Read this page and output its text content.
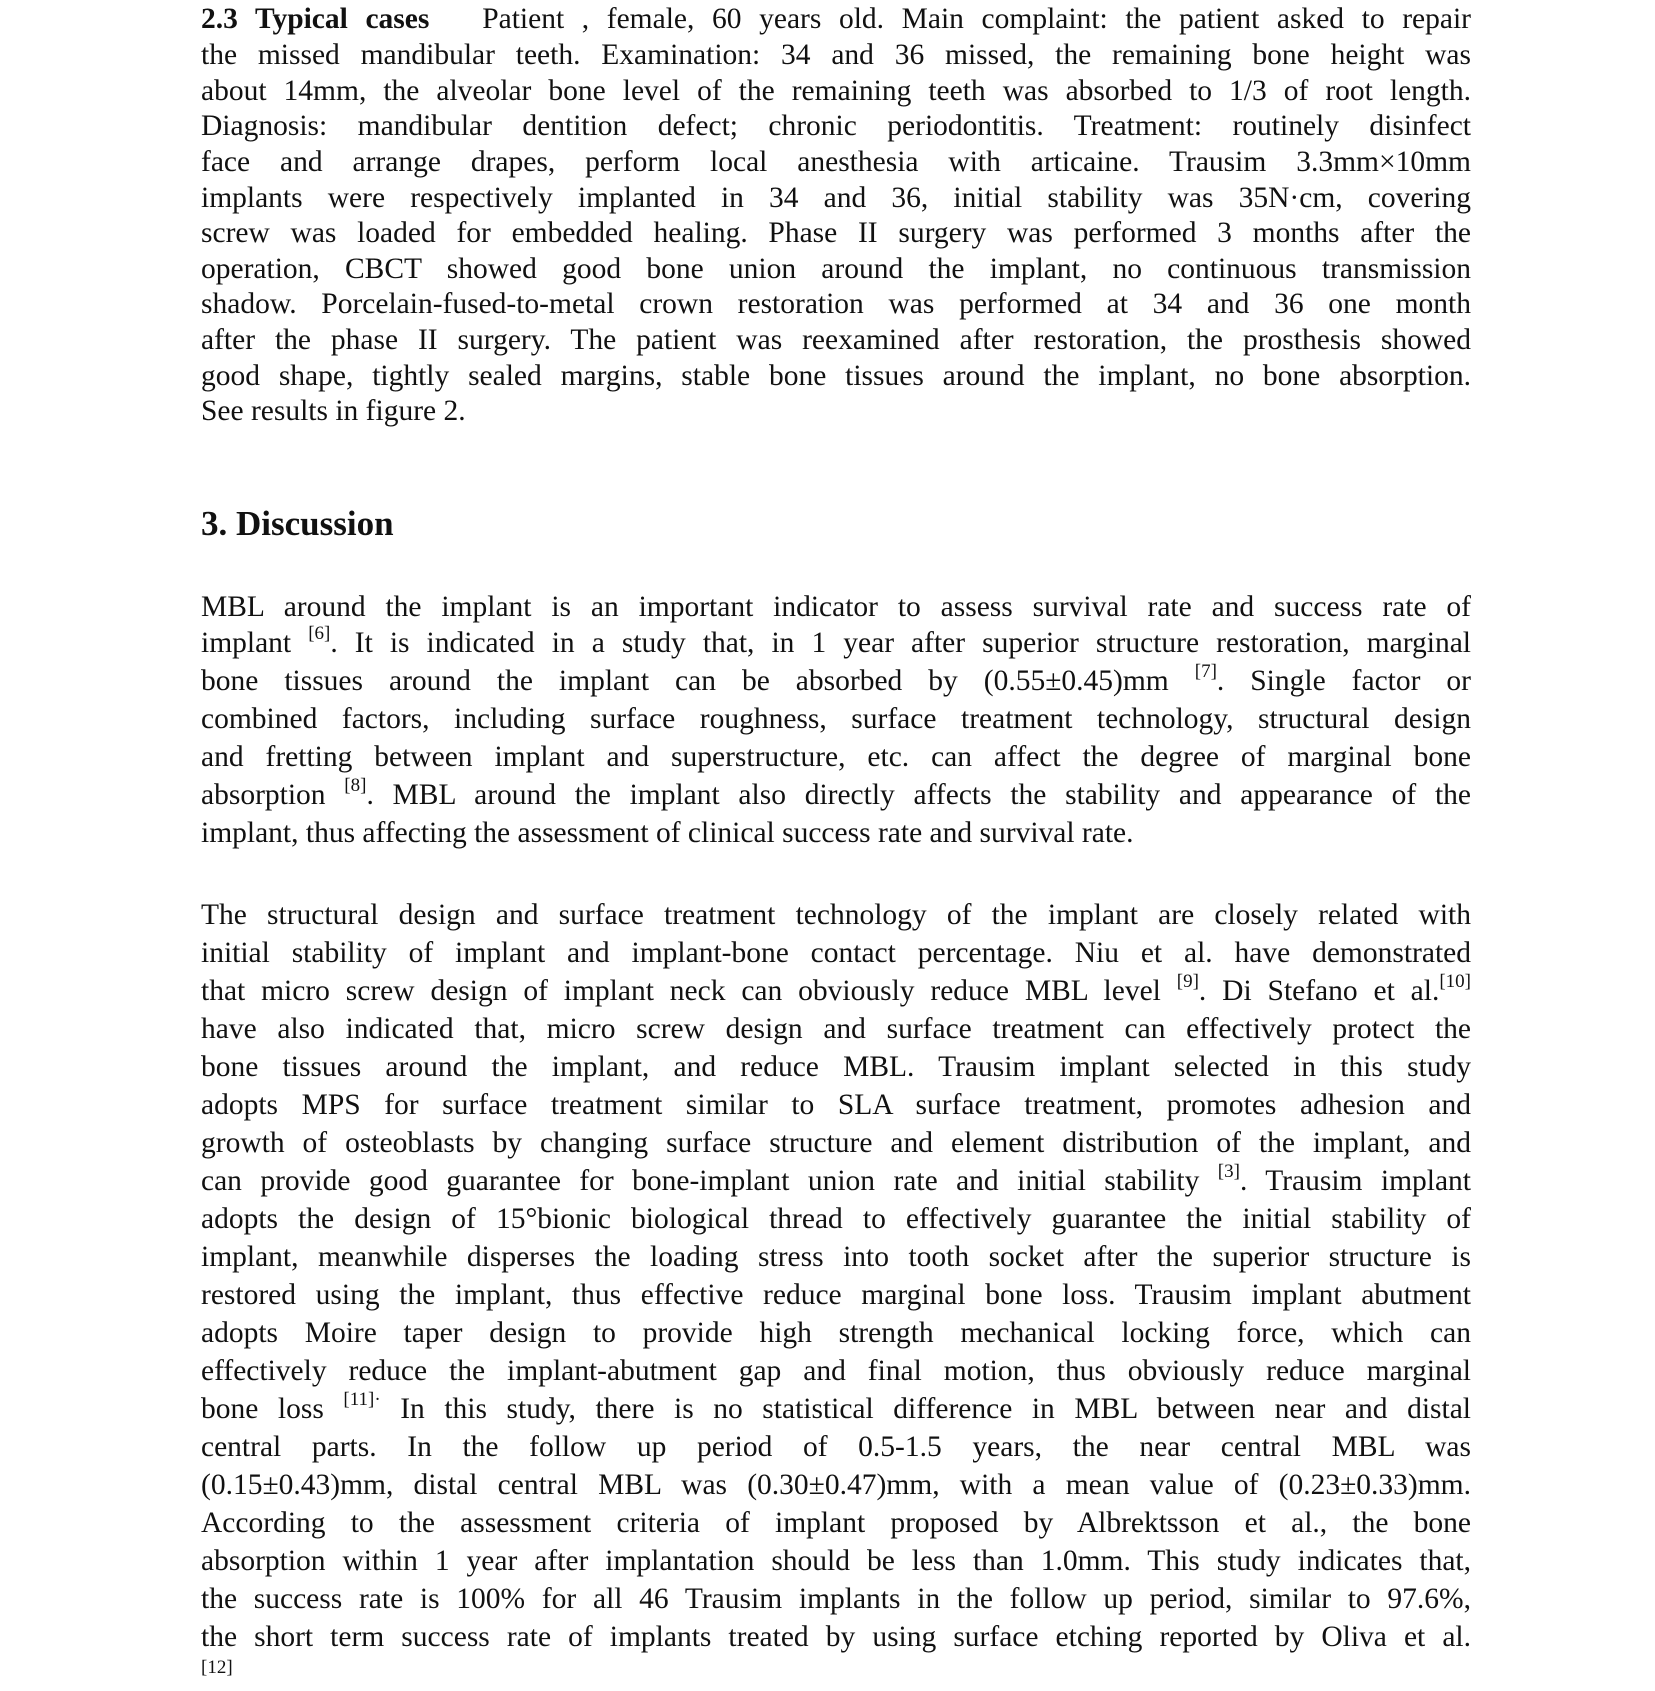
2.3 Typical cases Patient , female, 60 years old. Main complaint: the patient asked to repair
the missed mandibular teeth. Examination: 34 and 36 missed, the remaining bone height was
about 14mm, the alveolar bone level of the remaining teeth was absorbed to 1/3 of root length.
Diagnosis: mandibular dentition defect; chronic periodontitis. Treatment: routinely disinfect
face and arrange drapes, perform local anesthesia with articaine. Trausim 3.3mm×10mm
implants were respectively implanted in 34 and 36, initial stability was 35N·cm, covering
screw was loaded for embedded healing. Phase II surgery was performed 3 months after the
operation, CBCT showed good bone union around the implant, no continuous transmission
shadow. Porcelain-fused-to-metal crown restoration was performed at 34 and 36 one month
after the phase II surgery. The patient was reexamined after restoration, the prosthesis showed
good shape, tightly sealed margins, stable bone tissues around the implant, no bone absorption.
See results in figure 2.
3. Discussion
MBL around the implant is an important indicator to assess survival rate and success rate of
implant [6]. It is indicated in a study that, in 1 year after superior structure restoration, marginal
bone tissues around the implant can be absorbed by (0.55±0.45)mm [7]. Single factor or
combined factors, including surface roughness, surface treatment technology, structural design
and fretting between implant and superstructure, etc. can affect the degree of marginal bone
absorption [8]. MBL around the implant also directly affects the stability and appearance of the
implant, thus affecting the assessment of clinical success rate and survival rate.
The structural design and surface treatment technology of the implant are closely related with
initial stability of implant and implant-bone contact percentage. Niu et al. have demonstrated
that micro screw design of implant neck can obviously reduce MBL level [9]. Di Stefano et al.[10]
have also indicated that, micro screw design and surface treatment can effectively protect the
bone tissues around the implant, and reduce MBL. Trausim implant selected in this study
adopts MPS for surface treatment similar to SLA surface treatment, promotes adhesion and
growth of osteoblasts by changing surface structure and element distribution of the implant, and
can provide good guarantee for bone-implant union rate and initial stability [3]. Trausim implant
adopts the design of 15°bionic biological thread to effectively guarantee the initial stability of
implant, meanwhile disperses the loading stress into tooth socket after the superior structure is
restored using the implant, thus effective reduce marginal bone loss. Trausim implant abutment
adopts Moire taper design to provide high strength mechanical locking force, which can
effectively reduce the implant-abutment gap and final motion, thus obviously reduce marginal
bone loss $^{[11]\cdot}$ In this study, there is no statistical difference in MBL between near and distal
central parts. In the follow up period of 0.5-1.5 years, the near central MBL was
(0.15±0.43)mm, distal central MBL was (0.30±0.47)mm, with a mean value of (0.23±0.33)mm.
According to the assessment criteria of implant proposed by Albrektsson et al., the bone
absorption within 1 year after implantation should be less than 1.0mm. This study indicates that,
the success rate is 100% for all 46 Trausim implants in the follow up period, similar to 97.6%,
the short term success rate of implants treated by using surface etching reported by Oliva et al.
[12]
